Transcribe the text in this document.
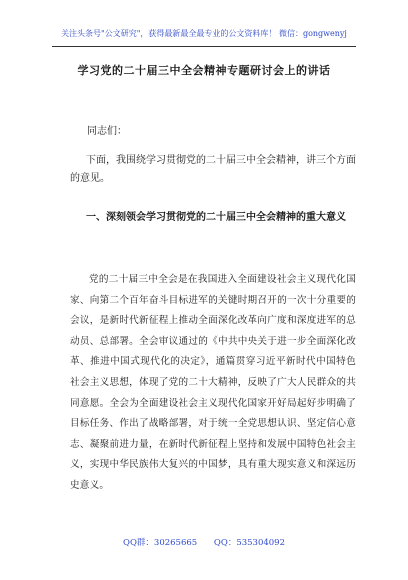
关注头条号"公文研究"，获得最新最全最专业的公文资料库！ 微信：gongwenyj
学习党的二十届三中全会精神专题研讨会上的讲话
同志们：

下面，我围绕学习贯彻党的二十届三中全会精神，讲三个方面的意见。

一、深刻领会学习贯彻党的二十届三中全会精神的重大意义

党的二十届三中全会是在我国进入全面建设社会主义现代化国家、向第二个百年奋斗目标进军的关键时期召开的一次十分重要的会议，是新时代新征程上推动全面深化改革向广度和深度进军的总动员、总部署。全会审议通过的《中共中央关于进一步全面深化改革、推进中国式现代化的决定》，通篇贯穿习近平新时代中国特色社会主义思想，体现了党的二十大精神，反映了广大人民群众的共同意愿。全会为全面建设社会主义现代化国家开好局起好步明确了目标任务、作出了战略部署，对于统一全党思想认识、坚定信心意志、凝聚前进力量，在新时代新征程上坚持和发展中国特色社会主义，实现中华民族伟大复兴的中国梦，具有重大现实意义和深远历史意义。

QQ群：30265665 QQ：535304092
